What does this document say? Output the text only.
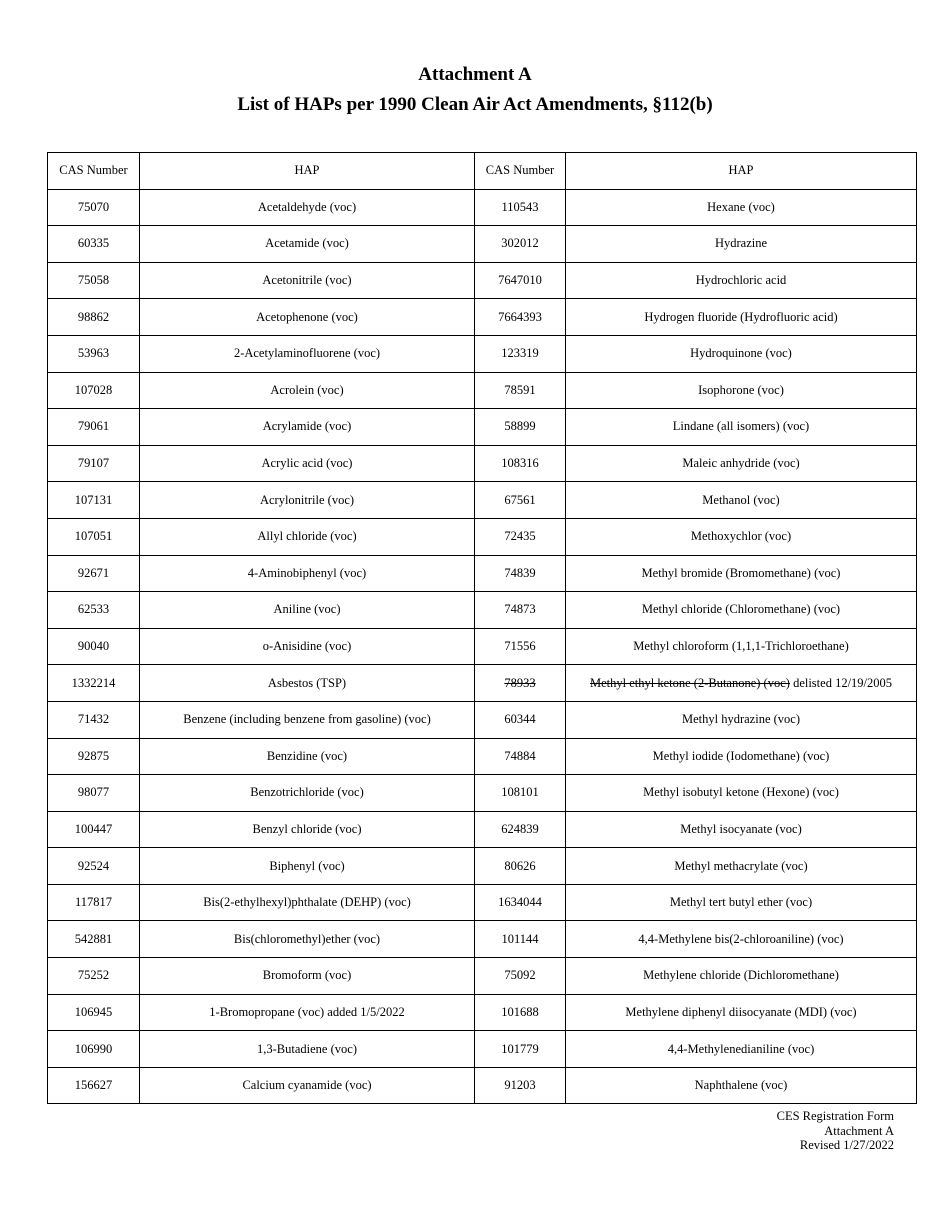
Attachment A
List of HAPs per 1990 Clean Air Act Amendments, §112(b)
CAS Number	HAP	CAS Number	HAP
75070	Acetaldehyde (voc)	110543	Hexane (voc)
60335	Acetamide (voc)	302012	Hydrazine
75058	Acetonitrile (voc)	7647010	Hydrochloric acid
98862	Acetophenone (voc)	7664393	Hydrogen fluoride (Hydrofluoric acid)
53963	2-Acetylaminofluorene (voc)	123319	Hydroquinone (voc)
107028	Acrolein (voc)	78591	Isophorone (voc)
79061	Acrylamide (voc)	58899	Lindane (all isomers) (voc)
79107	Acrylic acid (voc)	108316	Maleic anhydride (voc)
107131	Acrylonitrile (voc)	67561	Methanol (voc)
107051	Allyl chloride (voc)	72435	Methoxychlor (voc)
92671	4-Aminobiphenyl (voc)	74839	Methyl bromide (Bromomethane) (voc)
62533	Aniline (voc)	74873	Methyl chloride (Chloromethane) (voc)
90040	o-Anisidine (voc)	71556	Methyl chloroform (1,1,1-Trichloroethane)
1332214	Asbestos (TSP)	78933	Methyl ethyl ketone (2-Butanone) (voc) delisted 12/19/2005
71432	Benzene (including benzene from gasoline) (voc)	60344	Methyl hydrazine (voc)
92875	Benzidine (voc)	74884	Methyl iodide (Iodomethane) (voc)
98077	Benzotrichloride (voc)	108101	Methyl isobutyl ketone (Hexone) (voc)
100447	Benzyl chloride (voc)	624839	Methyl isocyanate (voc)
92524	Biphenyl (voc)	80626	Methyl methacrylate (voc)
117817	Bis(2-ethylhexyl)phthalate (DEHP) (voc)	1634044	Methyl tert butyl ether (voc)
542881	Bis(chloromethyl)ether (voc)	101144	4,4-Methylene bis(2-chloroaniline) (voc)
75252	Bromoform (voc)	75092	Methylene chloride (Dichloromethane)
106945	1-Bromopropane (voc) added 1/5/2022	101688	Methylene diphenyl diisocyanate (MDI) (voc)
106990	1,3-Butadiene (voc)	101779	4,4-Methylenedianiline (voc)
156627	Calcium cyanamide (voc)	91203	Naphthalene (voc)
CES Registration Form
Attachment A
Revised 1/27/2022
